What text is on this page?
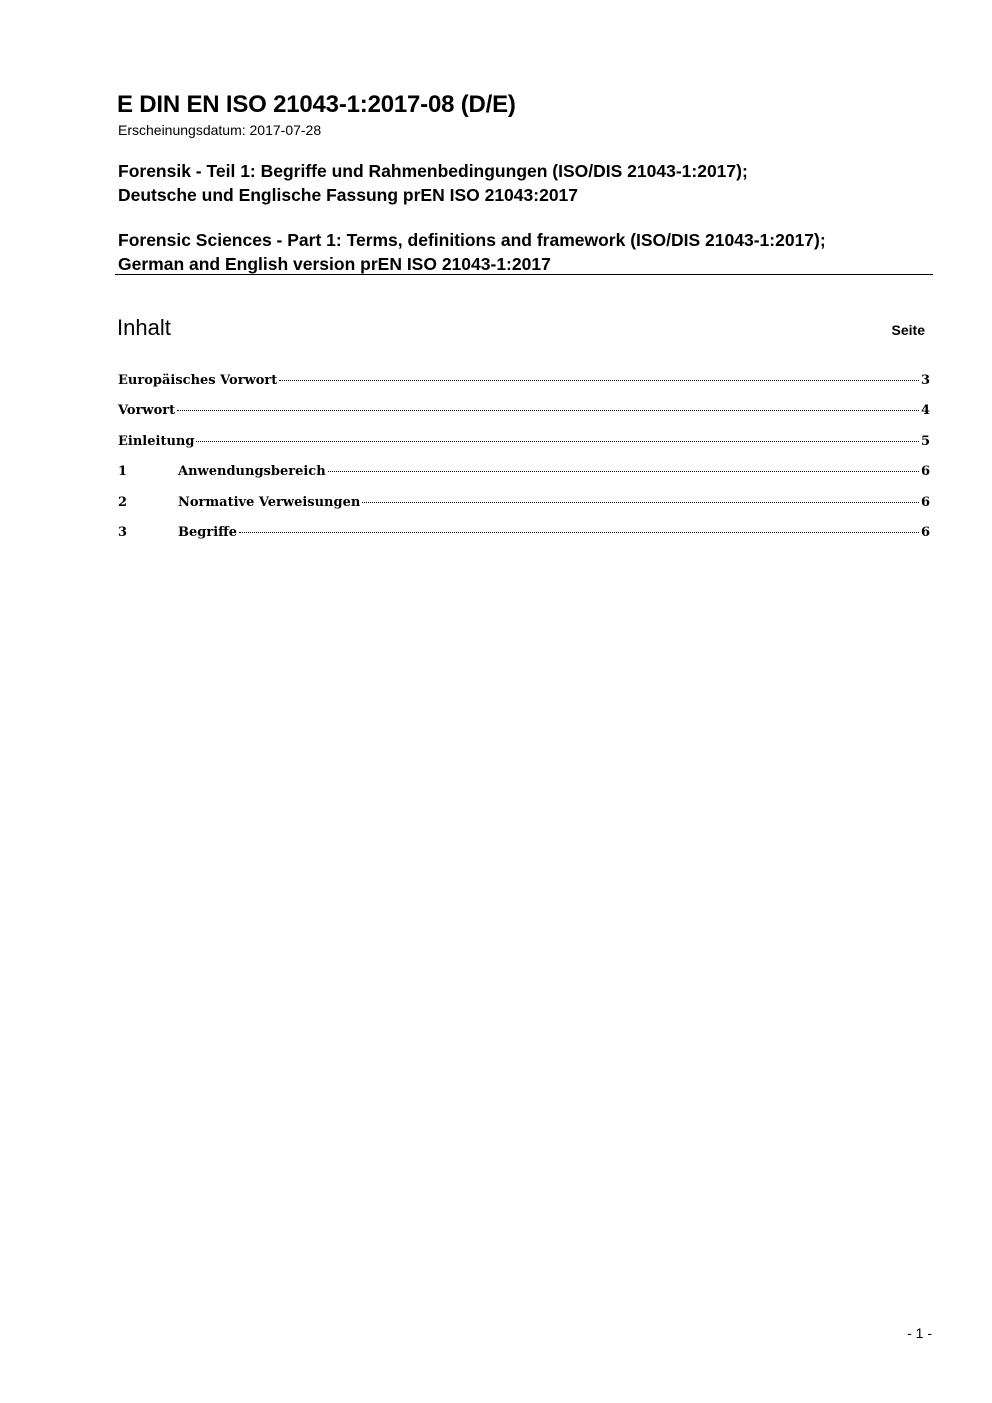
E DIN EN ISO 21043-1:2017-08 (D/E)
Erscheinungsdatum: 2017-07-28
Forensik - Teil 1: Begriffe und Rahmenbedingungen (ISO/DIS 21043-1:2017);
Deutsche und Englische Fassung prEN ISO 21043:2017
Forensic Sciences - Part 1: Terms, definitions and framework (ISO/DIS 21043-1:2017);
German and English version prEN ISO 21043-1:2017
Inhalt	Seite
Europäisches Vorwort	3
Vorwort	4
Einleitung	5
1	Anwendungsbereich	6
2	Normative Verweisungen	6
3	Begriffe	6
- 1 -
